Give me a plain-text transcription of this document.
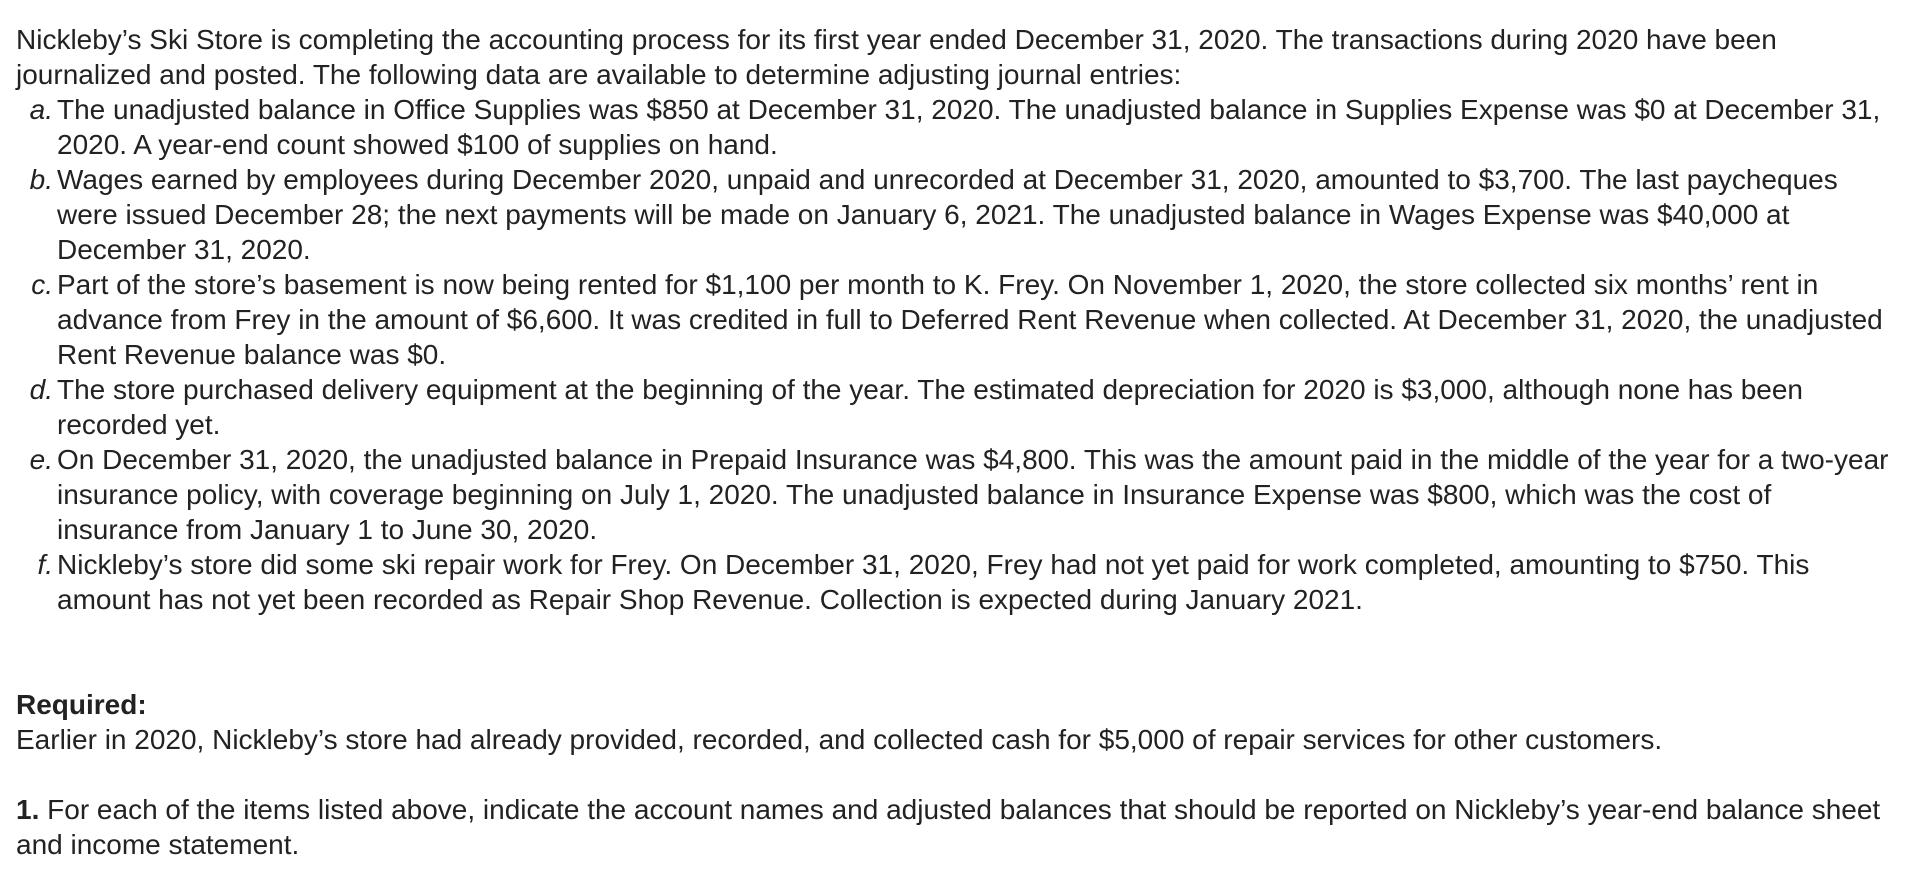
Nickleby’s Ski Store is completing the accounting process for its first year ended December 31, 2020. The transactions during 2020 have been journalized and posted. The following data are available to determine adjusting journal entries:

a. The unadjusted balance in Office Supplies was $850 at December 31, 2020. The unadjusted balance in Supplies Expense was $0 at December 31, 2020. A year-end count showed $100 of supplies on hand.
b. Wages earned by employees during December 2020, unpaid and unrecorded at December 31, 2020, amounted to $3,700. The last paycheques were issued December 28; the next payments will be made on January 6, 2021. The unadjusted balance in Wages Expense was $40,000 at December 31, 2020.
c. Part of the store’s basement is now being rented for $1,100 per month to K. Frey. On November 1, 2020, the store collected six months’ rent in advance from Frey in the amount of $6,600. It was credited in full to Deferred Rent Revenue when collected. At December 31, 2020, the unadjusted Rent Revenue balance was $0.
d. The store purchased delivery equipment at the beginning of the year. The estimated depreciation for 2020 is $3,000, although none has been recorded yet.
e. On December 31, 2020, the unadjusted balance in Prepaid Insurance was $4,800. This was the amount paid in the middle of the year for a two-year insurance policy, with coverage beginning on July 1, 2020. The unadjusted balance in Insurance Expense was $800, which was the cost of insurance from January 1 to June 30, 2020.
f. Nickleby’s store did some ski repair work for Frey. On December 31, 2020, Frey had not yet paid for work completed, amounting to $750. This amount has not yet been recorded as Repair Shop Revenue. Collection is expected during January 2021.

Required:

Earlier in 2020, Nickleby’s store had already provided, recorded, and collected cash for $5,000 of repair services for other customers.

1. For each of the items listed above, indicate the account names and adjusted balances that should be reported on Nickleby’s year-end balance sheet and income statement.
